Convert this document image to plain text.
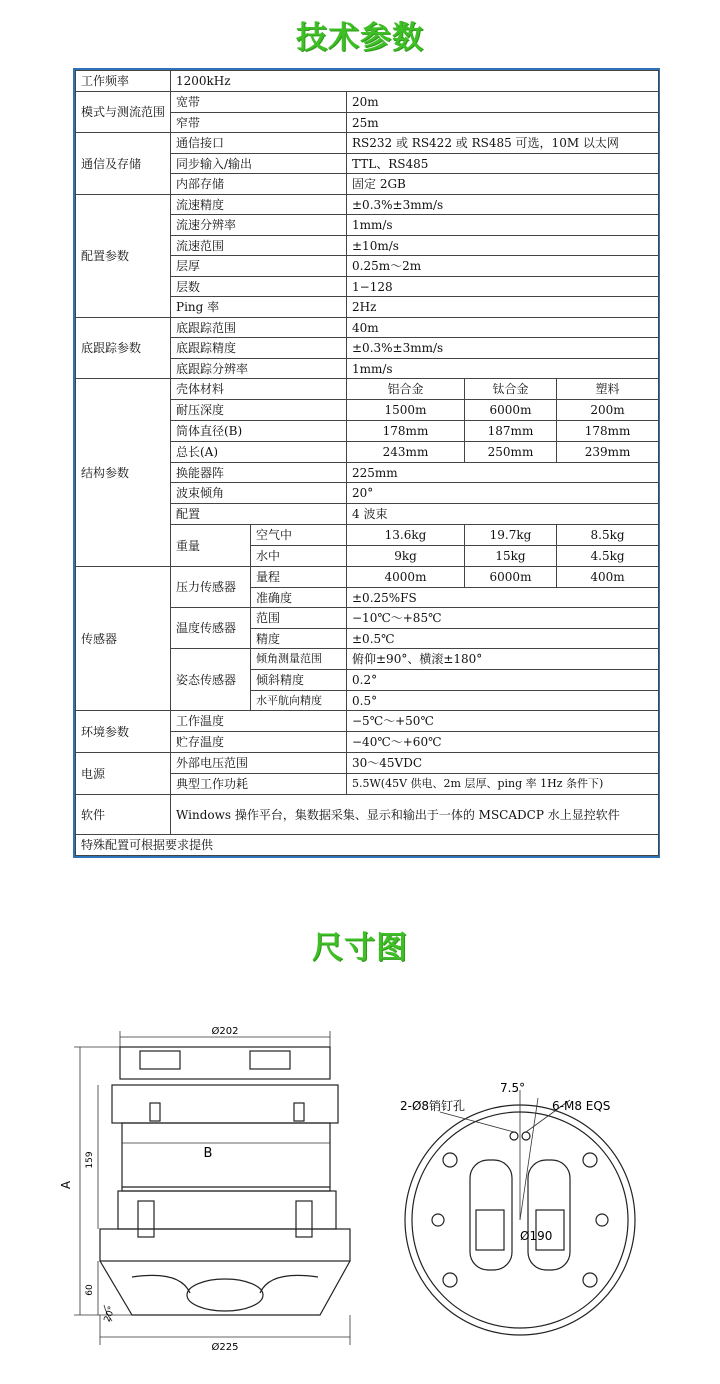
技术参数
工作频率	1200kHz				
模式与测流范围	宽带		20m		
	窄带		25m		
通信及存储	通信接口		RS232 或 RS422 或 RS485 可选，10M 以太网		
	同步输入/输出		TTL、RS485		
	内部存储		固定 2GB		
配置参数	流速精度		±0.3%±3mm/s		
	流速分辨率		1mm/s		
	流速范围		±10m/s		
	层厚		0.25m～2m		
	层数		1−128		
	Ping 率		2Hz		
底跟踪参数	底跟踪范围		40m		
	底跟踪精度		±0.3%±3mm/s		
	底跟踪分辨率		1mm/s		
结构参数	壳体材料		铝合金	钛合金	塑料
	耐压深度		1500m	6000m	200m
	筒体直径(B)		178mm	187mm	178mm
	总长(A)		243mm	250mm	239mm
	换能器阵		225mm		
	波束倾角		20°		
	配置		4 波束		
	重量	空气中	13.6kg	19.7kg	8.5kg
		水中	9kg	15kg	4.5kg
传感器	压力传感器	量程	4000m	6000m	400m
		准确度	±0.25%FS		
	温度传感器	范围	−10℃～+85℃		
		精度	±0.5℃		
	姿态传感器	倾角测量范围	俯仰±90°、横滚±180°		
		倾斜精度	0.2°		
		水平航向精度	0.5°		
环境参数	工作温度		−5℃～+50℃		
	贮存温度		−40℃～+60℃		
电源	外部电压范围		30～45VDC		
	典型工作功耗		5.5W(45V 供电、2m 层厚、ping 率 1Hz 条件下)		
软件	Windows 操作平台，集数据采集、显示和输出于一体的 MSCADCP 水上显控软件				
特殊配置可根据要求提供					
尺寸图
Ø202
B
159
A
60
20°
Ø225
2-Ø8销钉孔
7.5°
6-M8 EQS
Ø190
